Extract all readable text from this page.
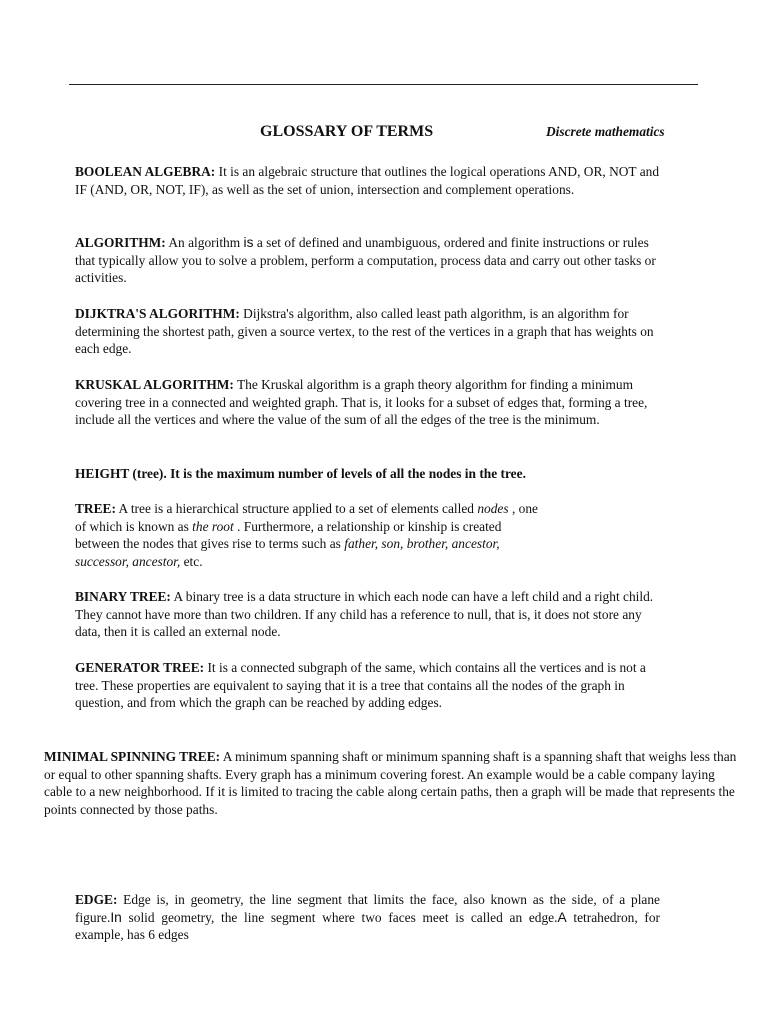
GLOSSARY OF TERMS	Discrete mathematics

BOOLEAN ALGEBRA: It is an algebraic structure that outlines the logical operations AND, OR, NOT and IF (AND, OR, NOT, IF), as well as the set of union, intersection and complement operations.

ALGORITHM: An algorithm is a set of defined and unambiguous, ordered and finite instructions or rules that typically allow you to solve a problem, perform a computation, process data and carry out other tasks or activities.

DIJKTRA'S ALGORITHM: Dijkstra's algorithm, also called least path algorithm, is an algorithm for determining the shortest path, given a source vertex, to the rest of the vertices in a graph that has weights on each edge.

KRUSKAL ALGORITHM: The Kruskal algorithm is a graph theory algorithm for finding a minimum covering tree in a connected and weighted graph. That is, it looks for a subset of edges that, forming a tree, include all the vertices and where the value of the sum of all the edges of the tree is the minimum.

HEIGHT (tree). It is the maximum number of levels of all the nodes in the tree.

TREE: A tree is a hierarchical structure applied to a set of elements called nodes , one
of which is known as the root . Furthermore, a relationship or kinship is created
between the nodes that gives rise to terms such as father, son, brother, ancestor,
successor, ancestor, etc.

BINARY TREE: A binary tree is a data structure in which each node can have a left child and a right child. They cannot have more than two children. If any child has a reference to null, that is, it does not store any data, then it is called an external node.

GENERATOR TREE: It is a connected subgraph of the same, which contains all the vertices and is not a tree. These properties are equivalent to saying that it is a tree that contains all the nodes of the graph in question, and from which the graph can be reached by adding edges.

MINIMAL SPINNING TREE: A minimum spanning shaft or minimum spanning shaft is a spanning shaft that weighs less than or equal to other spanning shafts. Every graph has a minimum covering forest. An example would be a cable company laying cable to a new neighborhood. If it is limited to tracing the cable along certain paths, then a graph will be made that represents the points connected by those paths.

EDGE: Edge is, in geometry, the line segment that limits the face, also known as the side, of a plane figure.In solid geometry, the line segment where two faces meet is called an edge.A tetrahedron, for example, has 6 edges
